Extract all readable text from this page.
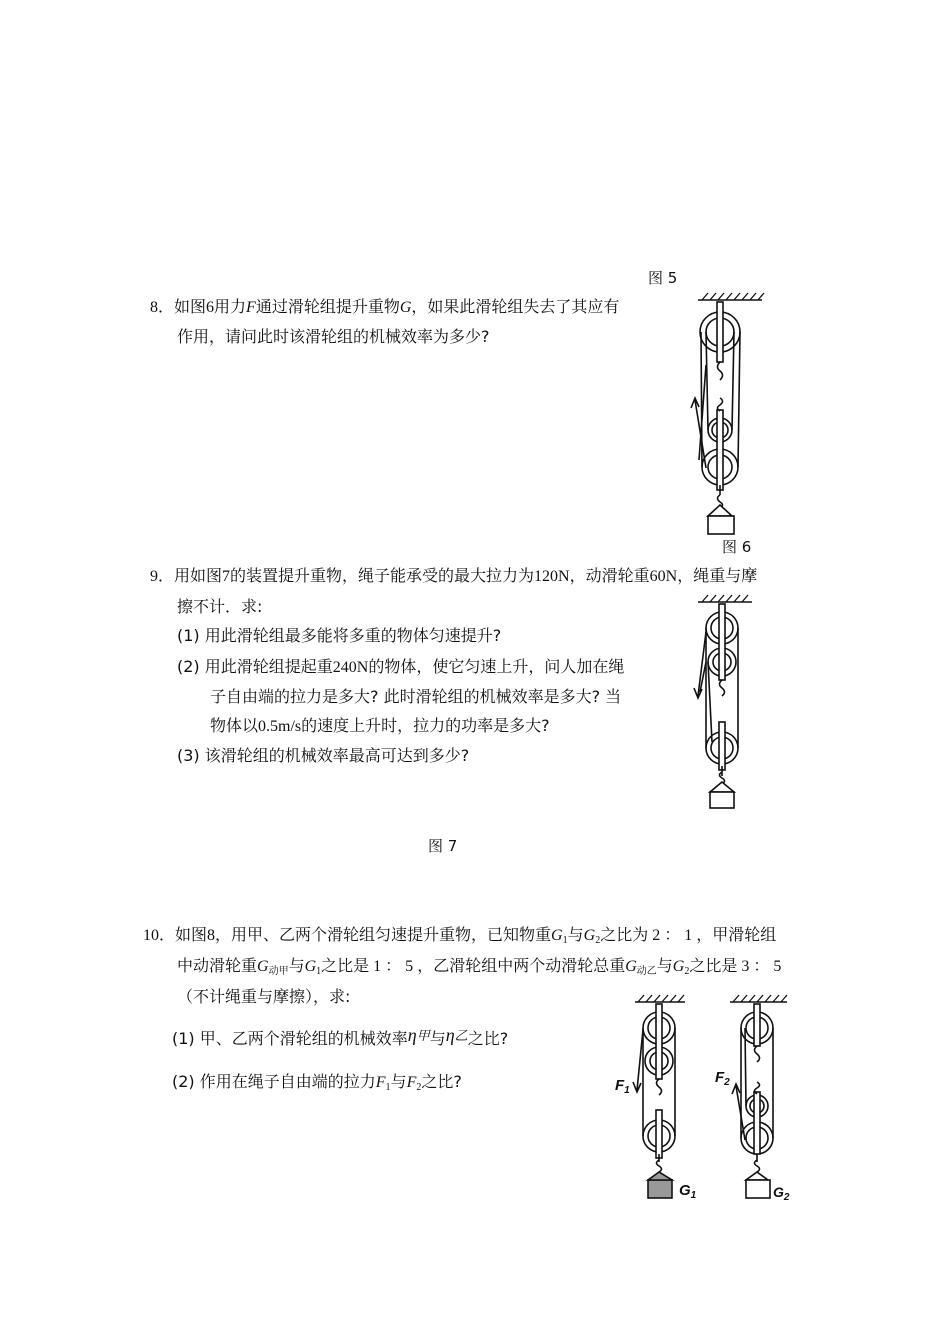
图 5
8．如图6用力F通过滑轮组提升重物G，如果此滑轮组失去了其应有
作用，请问此时该滑轮组的机械效率为多少?
图 6
9．用如图7的装置提升重物，绳子能承受的最大拉力为120N，动滑轮重60N，绳重与摩
擦不计．求:
(1) 用此滑轮组最多能将多重的物体匀速提升?
(2) 用此滑轮组提起重240N的物体，使它匀速上升，问人加在绳
子自由端的拉力是多大? 此时滑轮组的机械效率是多大? 当
物体以0.5m/s的速度上升时，拉力的功率是多大?
(3) 该滑轮组的机械效率最高可达到多少?
图 7
10．如图8，用甲、乙两个滑轮组匀速提升重物，已知物重$G_1$与$G_2$之比为 2 ： 1 ，甲滑轮组
中动滑轮重$G_{动甲}$与$G_1$之比是 1 ： 5 ，乙滑轮组中两个动滑轮总重$G_{动乙}$与$G_2$之比是 3 ： 5
（不计绳重与摩擦），求:
(1) 甲、乙两个滑轮组的机械效率$\eta^甲$与$\eta^乙$之比?
(2) 作用在绳子自由端的拉力$F_1$与$F_2$之比?	$F_1$
$F_2$
$G_1$	$G_2$
